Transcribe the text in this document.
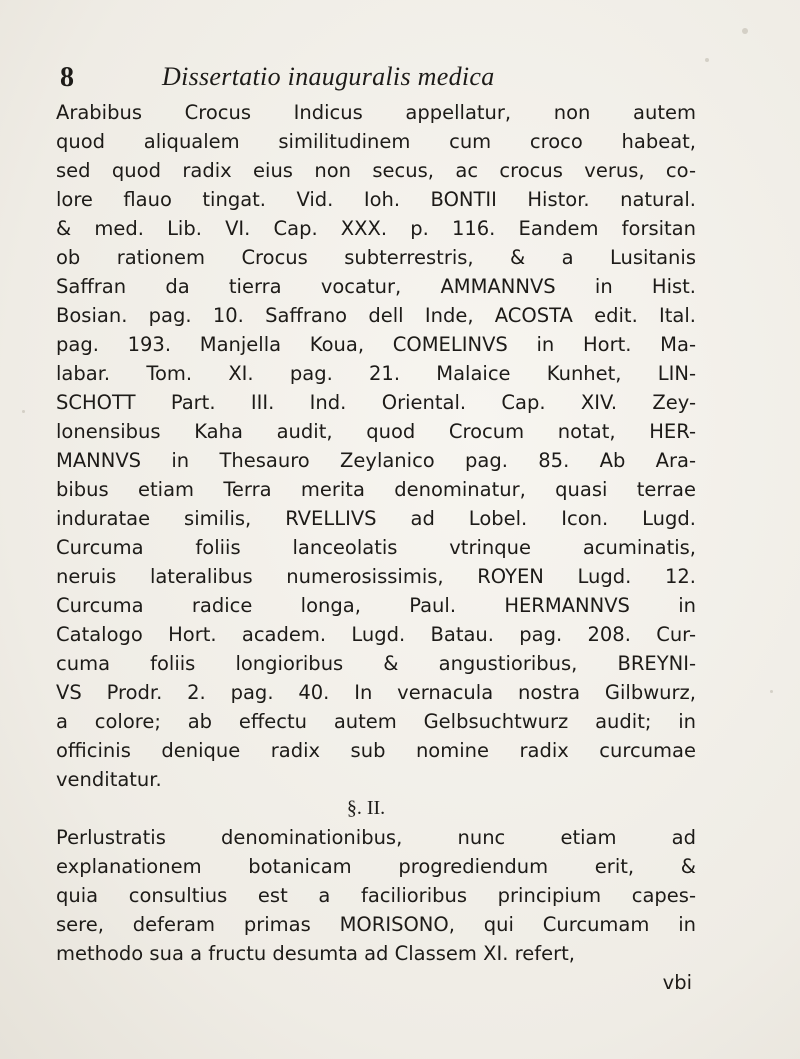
8	Dissertatio inauguralis medica
Arabibus Crocus Indicus appellatur, non autem
quod aliqualem similitudinem cum croco habeat,
sed quod radix eius non secus, ac crocus verus, co-
lore flauo tingat. Vid. Ioh. BONTII Histor. natural.
& med. Lib. VI. Cap. XXX. p. 116. Eandem forsitan
ob rationem Crocus subterrestris, & a Lusitanis
Saffran da tierra vocatur, AMMANNVS in Hist.
Bosian. pag. 10. Saffrano dell Inde, ACOSTA edit. Ital.
pag. 193. Manjella Koua, COMELINVS in Hort. Ma-
labar. Tom. XI. pag. 21. Malaice Kunhet, LIN-
SCHOTT Part. III. Ind. Oriental. Cap. XIV. Zey-
lonensibus Kaha audit, quod Crocum notat, HER-
MANNVS in Thesauro Zeylanico pag. 85. Ab Ara-
bibus etiam Terra merita denominatur, quasi terrae
induratae similis, RVELLIVS ad Lobel. Icon. Lugd.
Curcuma foliis lanceolatis vtrinque acuminatis,
neruis lateralibus numerosissimis, ROYEN Lugd. 12.
Curcuma radice longa, Paul. HERMANNVS in
Catalogo Hort. academ. Lugd. Batau. pag. 208. Cur-
cuma foliis longioribus & angustioribus, BREYNI-
VS Prodr. 2. pag. 40. In vernacula nostra Gilbwurz,
a colore; ab effectu autem Gelbsuchtwurz audit; in
officinis denique radix sub nomine radix curcumae
venditatur.
§. II.
Perlustratis denominationibus, nunc etiam ad
explanationem botanicam progrediendum erit, &
quia consultius est a facilioribus principium capes-
sere, deferam primas MORISONO, qui Curcumam in
methodo sua a fructu desumta ad Classem XI. refert,
vbi
